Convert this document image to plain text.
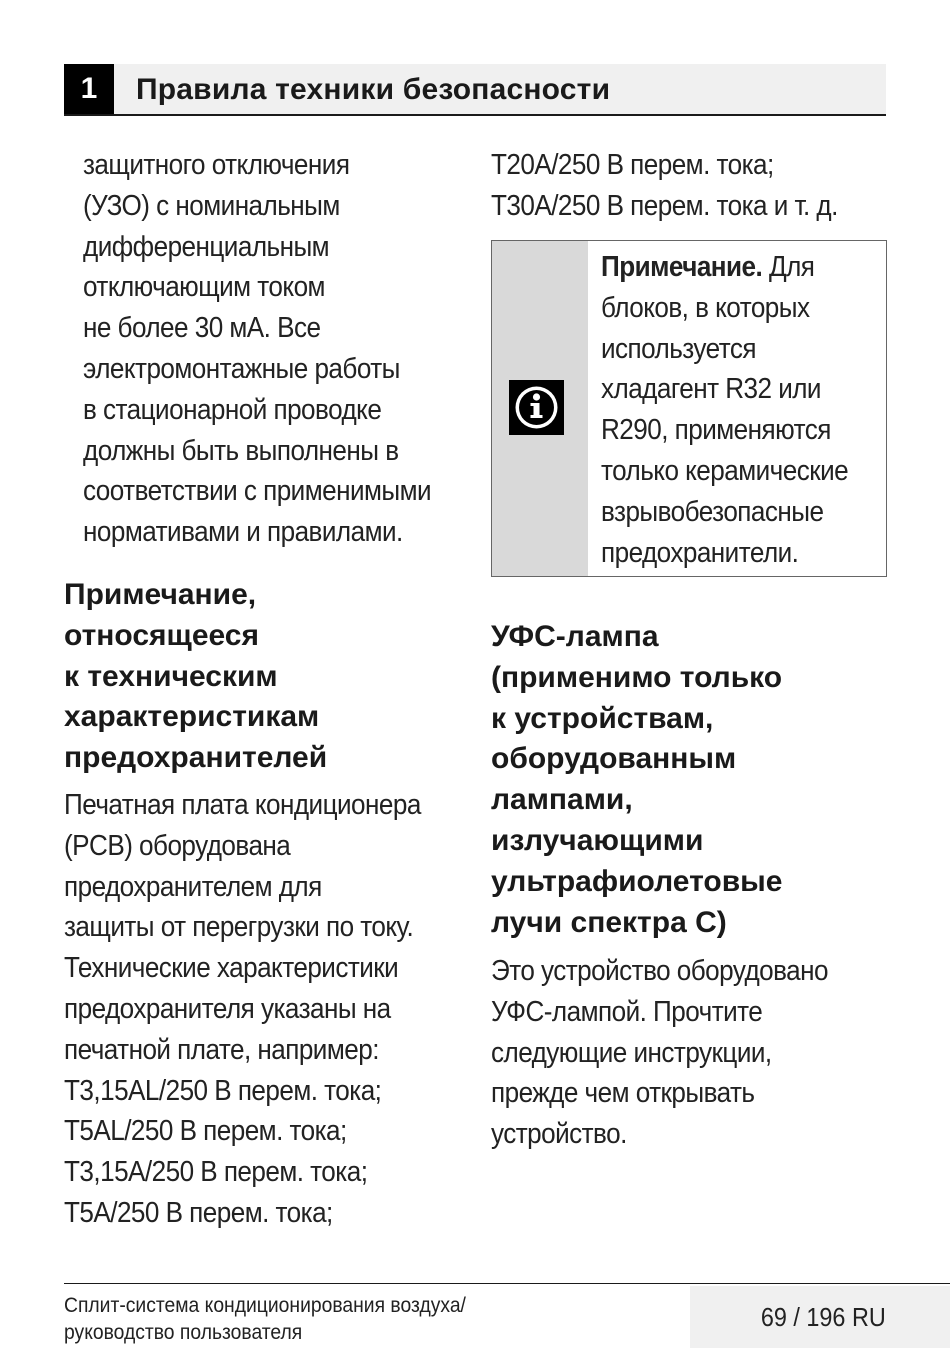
1	Правила техники безопасности
защитного отключения
(УЗО) с номинальным
дифференциальным
отключающим током
не более 30 мА. Все
электромонтажные работы
в стационарной проводке
должны быть выполнены в
соответствии с применимыми
нормативами и правилами.
Примечание,
относящееся
к техническим
характеристикам
предохранителей
Печатная плата кондиционера
(PCB) оборудована
предохранителем для
защиты от перегрузки по току.
Технические характеристики
предохранителя указаны на
печатной плате, например:
T3,15AL/250 В перем. тока;
T5AL/250 В перем. тока;
T3,15A/250 В перем. тока;
T5A/250 В перем. тока;
T20A/250 В перем. тока;
T30A/250 В перем. тока и т. д.
Примечание. Для
блоков, в которых
используется
хладагент R32 или
R290, применяются
только керамические
взрывобезопасные
предохранители.
УФС-лампа
(применимо только
к устройствам,
оборудованным
лампами,
излучающими
ультрафиолетовые
лучи спектра C)
Это устройство оборудовано
УФС-лампой. Прочтите
следующие инструкции,
прежде чем открывать
устройство.
Сплит-система кондиционирования воздуха/
руководство пользователя
69 / 196 RU
